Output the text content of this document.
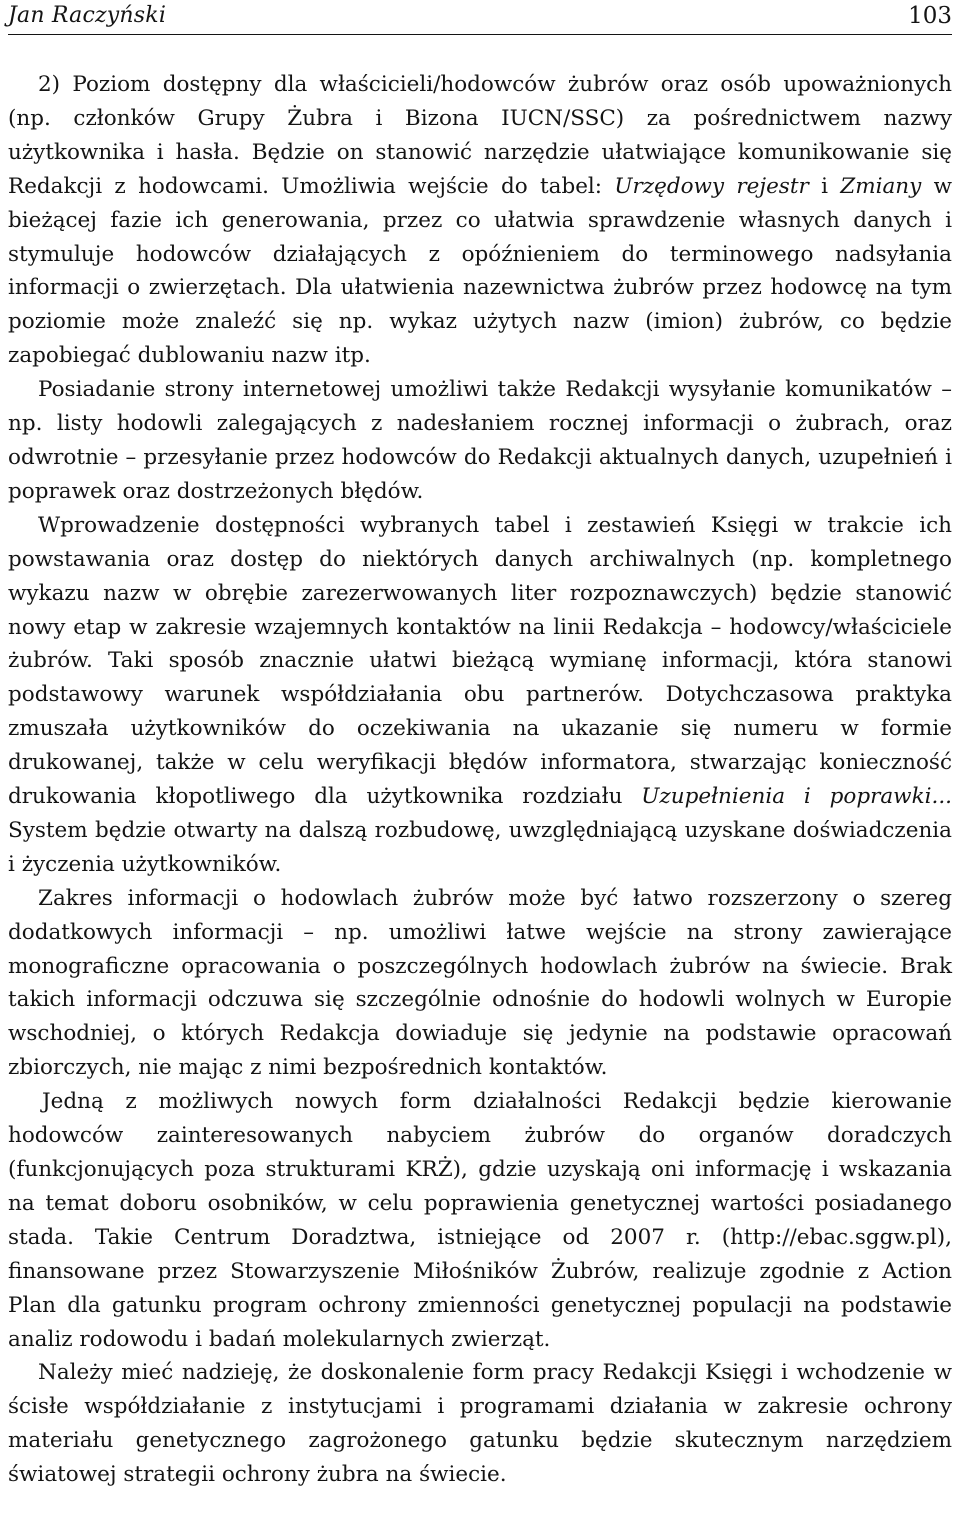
Jan Raczyński	103

2) Poziom dostępny dla właścicieli/hodowców żubrów oraz osób upoważnionych (np. członków Grupy Żubra i Bizona IUCN/SSC) za pośrednictwem nazwy użytkownika i hasła. Będzie on stanowić narzędzie ułatwiające komunikowanie się Redakcji z hodowcami. Umożliwia wejście do tabel: Urzędowy rejestr i Zmiany w bieżącej fazie ich generowania, przez co ułatwia sprawdzenie własnych danych i stymuluje hodowców działających z opóźnieniem do terminowego nadsyłania informacji o zwierzętach. Dla ułatwienia nazewnictwa żubrów przez hodowcę na tym poziomie może znaleźć się np. wykaz użytych nazw (imion) żubrów, co będzie zapobiegać dublowaniu nazw itp.

Posiadanie strony internetowej umożliwi także Redakcji wysyłanie komunikatów – np. listy hodowli zalegających z nadesłaniem rocznej informacji o żubrach, oraz odwrotnie – przesyłanie przez hodowców do Redakcji aktualnych danych, uzupełnień i poprawek oraz dostrzeżonych błędów.

Wprowadzenie dostępności wybranych tabel i zestawień Księgi w trakcie ich powstawania oraz dostęp do niektórych danych archiwalnych (np. kompletnego wykazu nazw w obrębie zarezerwowanych liter rozpoznawczych) będzie stanowić nowy etap w zakresie wzajemnych kontaktów na linii Redakcja – hodowcy/właściciele żubrów. Taki sposób znacznie ułatwi bieżącą wymianę informacji, która stanowi podstawowy warunek współdziałania obu partnerów. Dotychczasowa praktyka zmuszała użytkowników do oczekiwania na ukazanie się numeru w formie drukowanej, także w celu weryfikacji błędów informatora, stwarzając konieczność drukowania kłopotliwego dla użytkownika rozdziału Uzupełnienia i poprawki... System będzie otwarty na dalszą rozbudowę, uwzględniającą uzyskane doświadczenia i życzenia użytkowników.

Zakres informacji o hodowlach żubrów może być łatwo rozszerzony o szereg dodatkowych informacji – np. umożliwi łatwe wejście na strony zawierające monograficzne opracowania o poszczególnych hodowlach żubrów na świecie. Brak takich informacji odczuwa się szczególnie odnośnie do hodowli wolnych w Europie wschodniej, o których Redakcja dowiaduje się jedynie na podstawie opracowań zbiorczych, nie mając z nimi bezpośrednich kontaktów.

Jedną z możliwych nowych form działalności Redakcji będzie kierowanie hodowców zainteresowanych nabyciem żubrów do organów doradczych (funkcjonujących poza strukturami KRŻ), gdzie uzyskają oni informację i wskazania na temat doboru osobników, w celu poprawienia genetycznej wartości posiadanego stada. Takie Centrum Doradztwa, istniejące od 2007 r. (http://ebac.sggw.pl), finansowane przez Stowarzyszenie Miłośników Żubrów, realizuje zgodnie z Action Plan dla gatunku program ochrony zmienności genetycznej populacji na podstawie analiz rodowodu i badań molekularnych zwierząt.

Należy mieć nadzieję, że doskonalenie form pracy Redakcji Księgi i wchodzenie w ścisłe współdziałanie z instytucjami i programami działania w zakresie ochrony materiału genetycznego zagrożonego gatunku będzie skutecznym narzędziem światowej strategii ochrony żubra na świecie.
